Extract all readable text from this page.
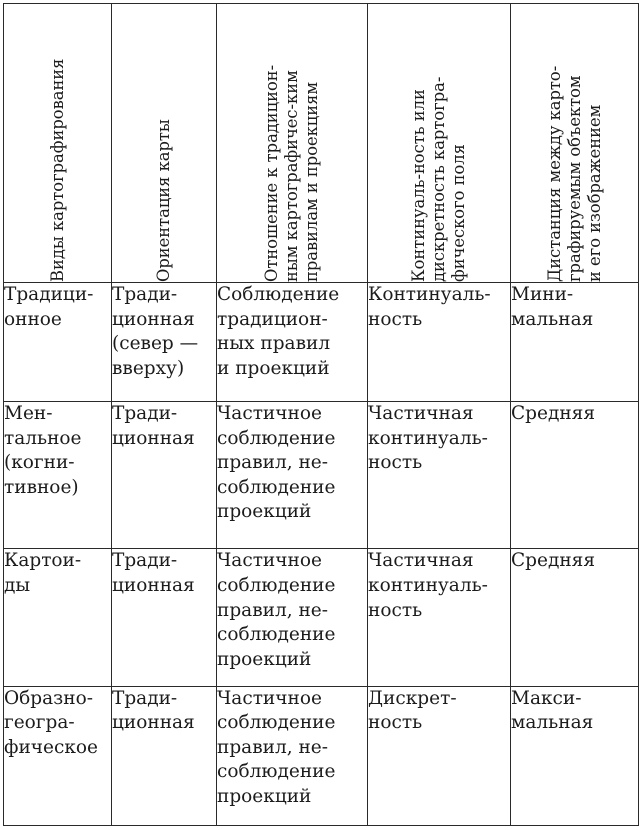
Виды картографирования	Ориентация карты	Отношение к традицион-
ным картографичес-ким
правилам и проекциям	Континуаль-ность или
дискретность картогра-
фического поля	Дистанция между карто-
графируемым объектом
и его изображением

Традици-
онное	Тради-
ционная
(север —
вверху)	Соблюдение
традицион-
ных правил
и проекций	Континуаль-
ность	Мини-
мальная

Мен-
тальное
(когни-
тивное)	Тради-
ционная	Частичное
соблюдение
правил, не-
соблюдение
проекций	Частичная
континуаль-
ность	Средняя

Картои-
ды	Тради-
ционная	Частичное
соблюдение
правил, не-
соблюдение
проекций	Частичная
континуаль-
ность	Средняя

Образно-
геогра-
фическое	Тради-
ционная	Частичное
соблюдение
правил, не-
соблюдение
проекций	Дискрет-
ность	Макси-
мальная
